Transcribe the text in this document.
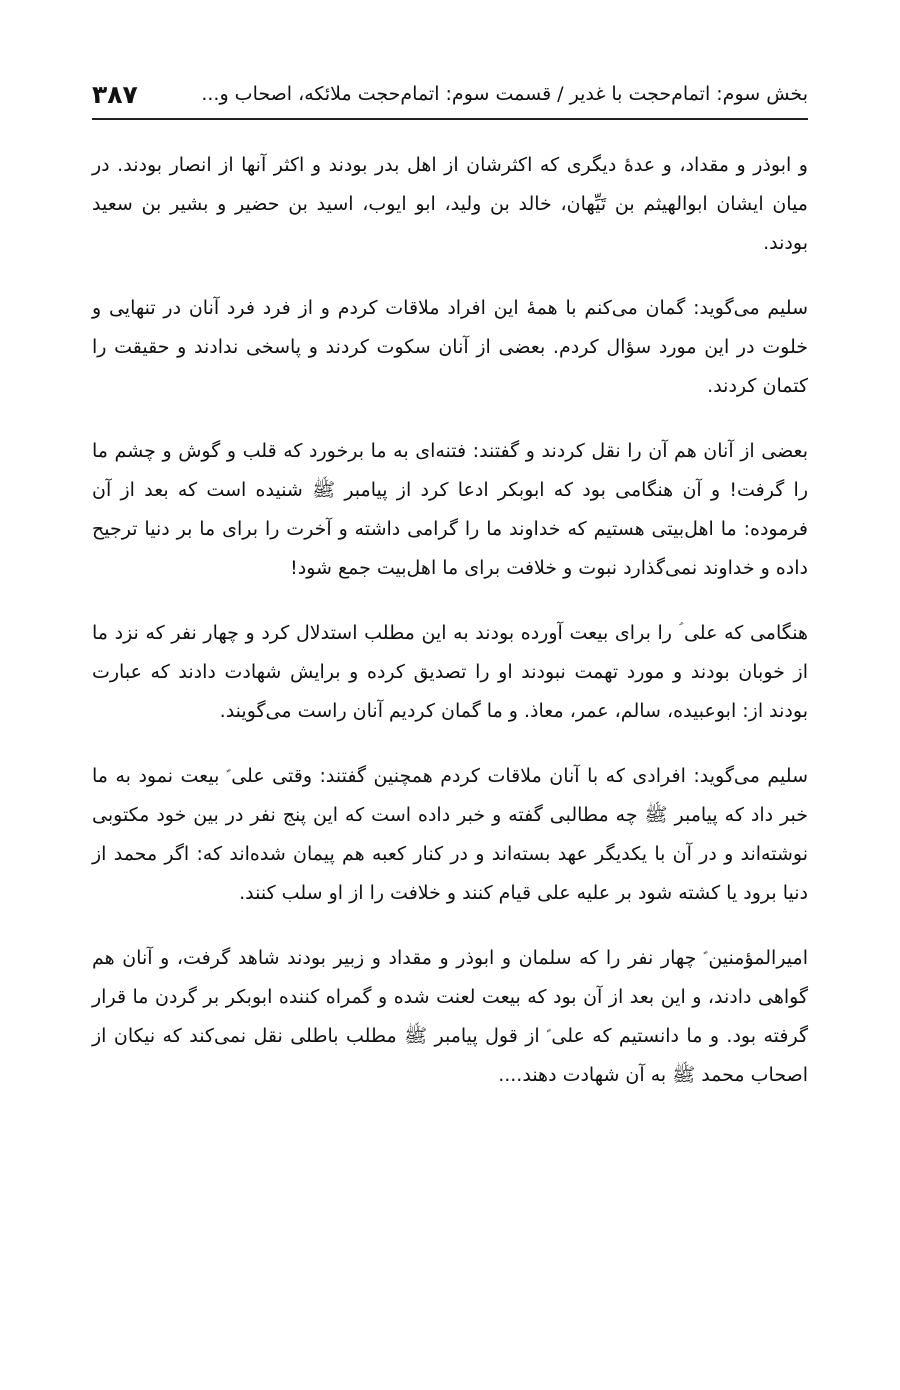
بخش سوم: اتمام‌حجت با غدیر / قسمت سوم: اتمام‌حجت ملائکه، اصحاب و...
۳۸۷

و ابوذر و مقداد، و عدهٔ دیگری که اکثرشان از اهل بدر بودند و اکثر آنها از انصار بودند. در میان ایشان ابوالهیثم بن تَیِّهان، خالد بن ولید، ابو ایوب، اسید بن حضیر و بشیر بن سعید بودند.

سلیم می‌گوید: گمان می‌کنم با همهٔ این افراد ملاقات کردم و از فرد فرد آنان در تنهایی و خلوت در این مورد سؤال کردم. بعضی از آنان سکوت کردند و پاسخی ندادند و حقیقت را کتمان کردند.

بعضی از آنان هم آن را نقل کردند و گفتند: فتنه‌ای به ما برخورد که قلب و گوش و چشم ما را گرفت! و آن هنگامی بود که ابوبکر ادعا کرد از پیامبر ﷺ شنیده است که بعد از آن فرموده: ما اهل‌بیتی هستیم که خداوند ما را گرامی داشته و آخرت را برای ما بر دنیا ترجیح داده و خداوند نمی‌گذارد نبوت و خلافت برای ما اهل‌بیت جمع شود!

هنگامی که علی ؑ را برای بیعت آورده بودند به این مطلب استدلال کرد و چهار نفر که نزد ما از خوبان بودند و مورد تهمت نبودند او را تصدیق کرده و برایش شهادت دادند که عبارت بودند از: ابوعبیده، سالم، عمر، معاذ. و ما گمان کردیم آنان راست می‌گویند.

سلیم می‌گوید: افرادی که با آنان ملاقات کردم همچنین گفتند: وقتی علی ؑ بیعت نمود به ما خبر داد که پیامبر ﷺ چه مطالبی گفته و خبر داده است که این پنج نفر در بین خود مکتوبی نوشته‌اند و در آن با یکدیگر عهد بسته‌اند و در کنار کعبه هم پیمان شده‌اند که: اگر محمد از دنیا برود یا کشته شود بر علیه علی قیام کنند و خلافت را از او سلب کنند.

امیرالمؤمنین ؑ چهار نفر را که سلمان و ابوذر و مقداد و زبیر بودند شاهد گرفت، و آنان هم گواهی دادند، و این بعد از آن بود که بیعت لعنت شده و گمراه کننده ابوبکر بر گردن ما قرار گرفته بود. و ما دانستیم که علی ؑ از قول پیامبر ﷺ مطلب باطلی نقل نمی‌کند که نیکان از اصحاب محمد ﷺ به آن شهادت دهند....
